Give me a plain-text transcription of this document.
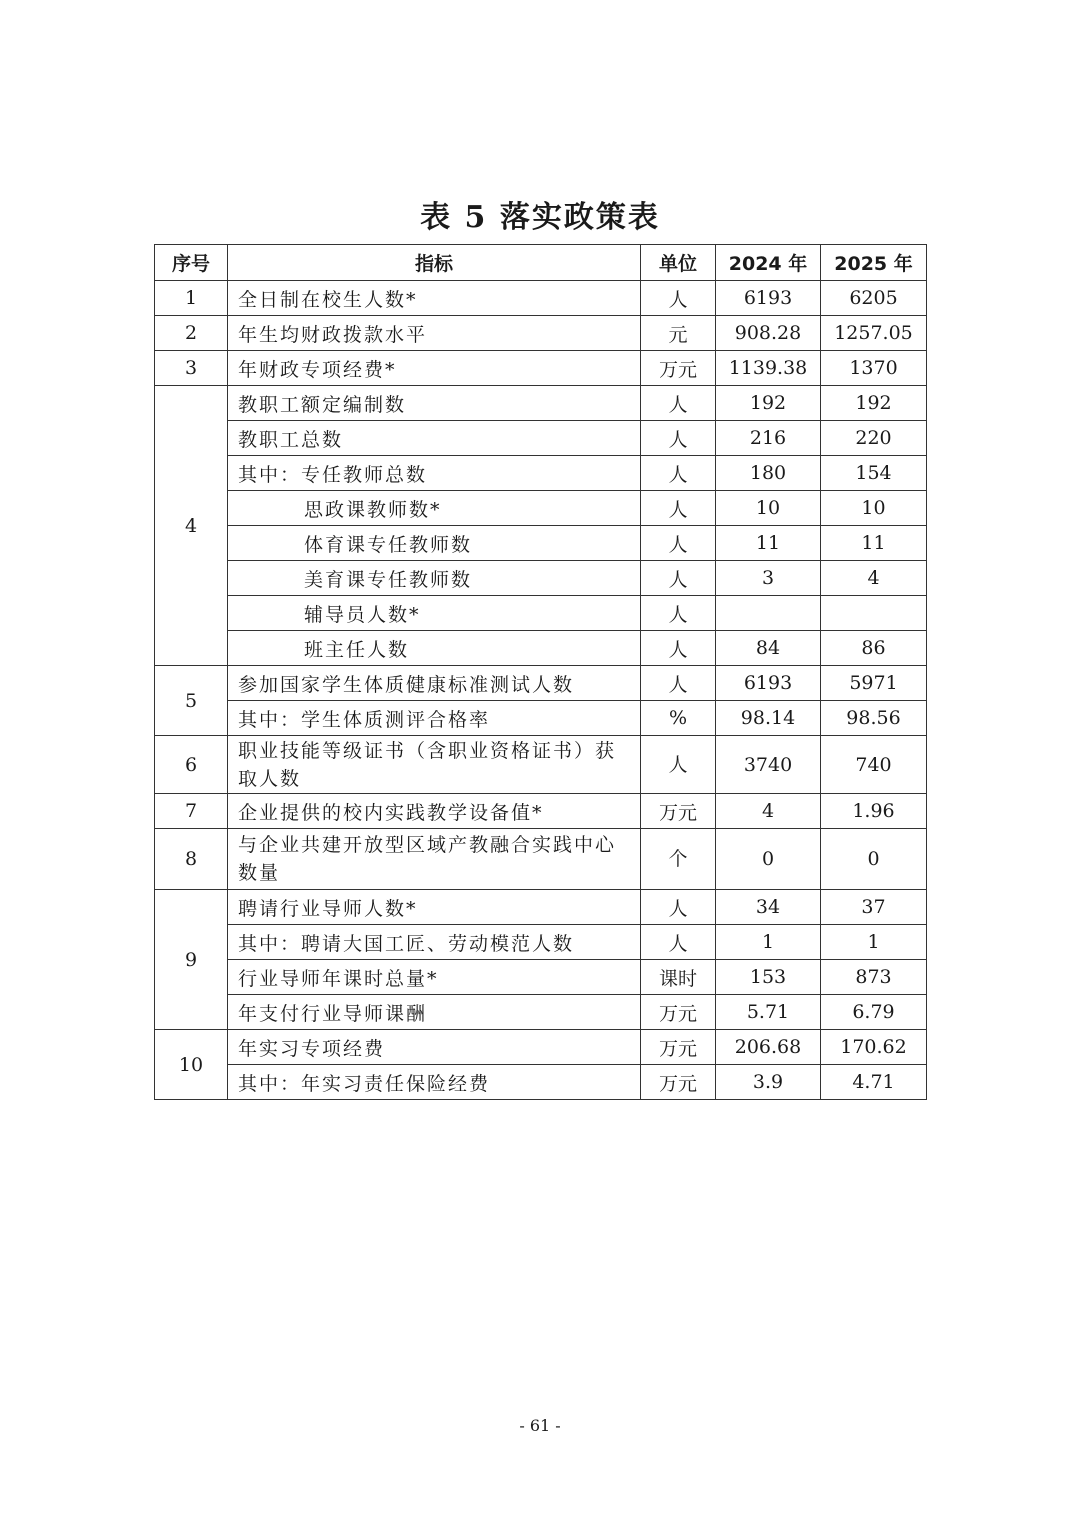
表 5 落实政策表
序号	指标	单位	2024 年	2025 年
1	全日制在校生人数*	人	6193	6205
2	年生均财政拨款水平	元	908.28	1257.05
3	年财政专项经费*	万元	1139.38	1370
4	教职工额定编制数	人	192	192
	教职工总数	人	216	220
	其中：专任教师总数	人	180	154
	思政课教师数*	人	10	10
	体育课专任教师数	人	11	11
	美育课专任教师数	人	3	4
	辅导员人数*	人		
	班主任人数	人	84	86
5	参加国家学生体质健康标准测试人数	人	6193	5971
	其中：学生体质测评合格率	%	98.14	98.56
6	职业技能等级证书（含职业资格证书）获取人数	人	3740	740
7	企业提供的校内实践教学设备值*	万元	4	1.96
8	与企业共建开放型区域产教融合实践中心数量	个	0	0
9	聘请行业导师人数*	人	34	37
	其中：聘请大国工匠、劳动模范人数	人	1	1
	行业导师年课时总量*	课时	153	873
	年支付行业导师课酬	万元	5.71	6.79
10	年实习专项经费	万元	206.68	170.62
	其中：年实习责任保险经费	万元	3.9	4.71
- 61 -
